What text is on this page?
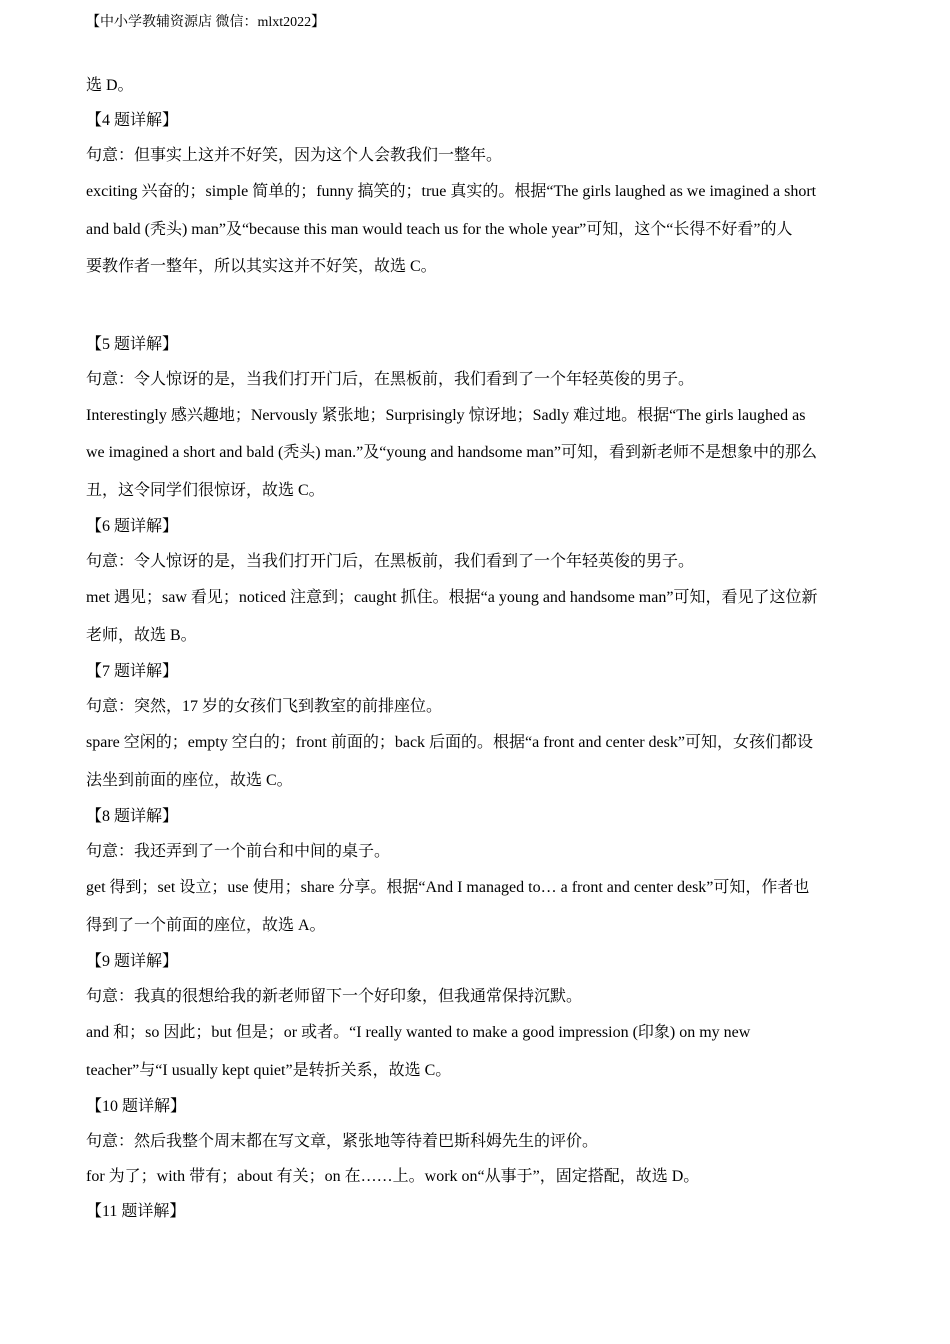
【中小学教辅资源店 微信：mlxt2022】
选 D。
【4 题详解】
句意：但事实上这并不好笑，因为这个人会教我们一整年。
exciting 兴奋的；simple 简单的；funny 搞笑的；true 真实的。根据“The girls laughed as we imagined a short
and bald (秃头) man”及“because this man would teach us for the whole year”可知，这个“长得不好看”的人
要教作者一整年，所以其实这并不好笑，故选 C。
【5 题详解】
句意：令人惊讶的是，当我们打开门后，在黑板前，我们看到了一个年轻英俊的男子。
Interestingly 感兴趣地；Nervously 紧张地；Surprisingly 惊讶地；Sadly 难过地。根据“The girls laughed as
we imagined a short and bald (秃头) man.”及“young and handsome man”可知，看到新老师不是想象中的那么
丑，这令同学们很惊讶，故选 C。
【6 题详解】
句意：令人惊讶的是，当我们打开门后，在黑板前，我们看到了一个年轻英俊的男子。
met 遇见；saw 看见；noticed 注意到；caught 抓住。根据“a young and handsome man”可知，看见了这位新
老师，故选 B。
【7 题详解】
句意：突然，17 岁的女孩们飞到教室的前排座位。
spare 空闲的；empty 空白的；front 前面的；back 后面的。根据“a front and center desk”可知，女孩们都设
法坐到前面的座位，故选 C。
【8 题详解】
句意：我还弄到了一个前台和中间的桌子。
get 得到；set 设立；use 使用；share 分享。根据“And I managed to… a front and center desk”可知，作者也
得到了一个前面的座位，故选 A。
【9 题详解】
句意：我真的很想给我的新老师留下一个好印象，但我通常保持沉默。
and 和；so 因此；but 但是；or 或者。“I really wanted to make a good impression (印象) on my new
teacher”与“I usually kept quiet”是转折关系，故选 C。
【10 题详解】
句意：然后我整个周末都在写文章，紧张地等待着巴斯科姆先生的评价。
for 为了；with 带有；about 有关；on 在……上。work on“从事于”，固定搭配，故选 D。
【11 题详解】
